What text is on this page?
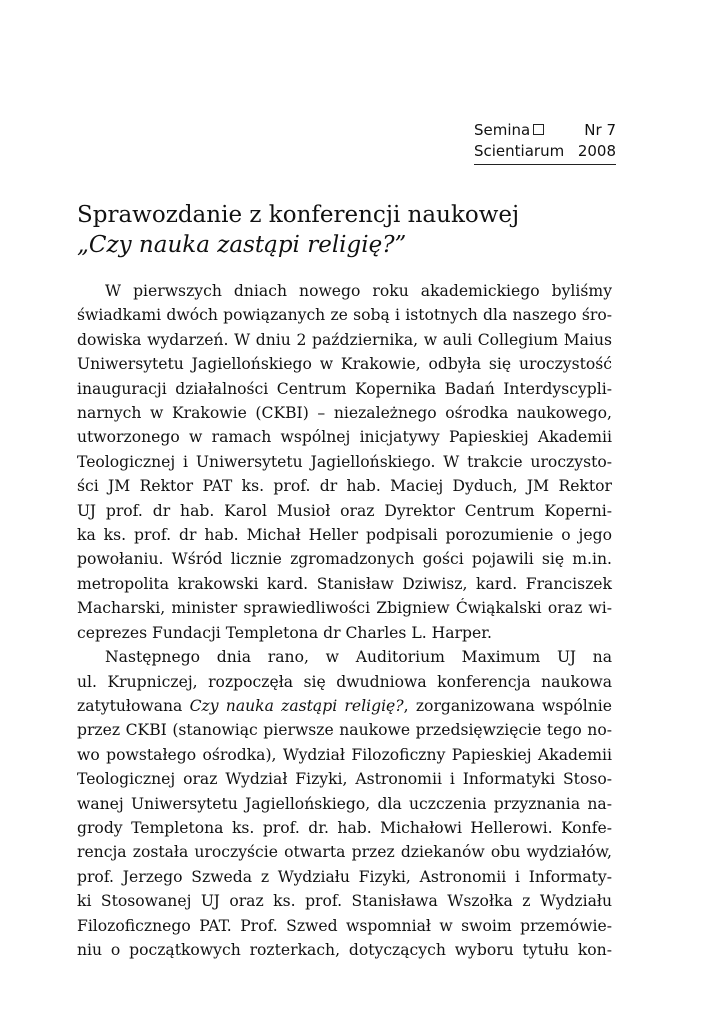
Semina	Nr 7
Scientiarum 2008
Sprawozdanie z konferencji naukowej
„Czy nauka zastąpi religię?”
W pierwszych dniach nowego roku akademickiego byliśmy
świadkami dwóch powiązanych ze sobą i istotnych dla naszego śro-
dowiska wydarzeń. W dniu 2 października, w auli Collegium Maius
Uniwersytetu Jagiellońskiego w Krakowie, odbyła się uroczystość
inauguracji działalności Centrum Kopernika Badań Interdyscypli-
narnych w Krakowie (CKBI) – niezależnego ośrodka naukowego,
utworzonego w ramach wspólnej inicjatywy Papieskiej Akademii
Teologicznej i Uniwersytetu Jagiellońskiego. W trakcie uroczysto-
ści JM Rektor PAT ks. prof. dr hab. Maciej Dyduch, JM Rektor
UJ prof. dr hab. Karol Musioł oraz Dyrektor Centrum Koperni-
ka ks. prof. dr hab. Michał Heller podpisali porozumienie o jego
powołaniu. Wśród licznie zgromadzonych gości pojawili się m.in.
metropolita krakowski kard. Stanisław Dziwisz, kard. Franciszek
Macharski, minister sprawiedliwości Zbigniew Ćwiąkalski oraz wi-
ceprezes Fundacji Templetona dr Charles L. Harper.
Następnego dnia rano, w Auditorium Maximum UJ na
ul. Krupniczej, rozpoczęła się dwudniowa konferencja naukowa
zatytułowana Czy nauka zastąpi religię?, zorganizowana wspólnie
przez CKBI (stanowiąc pierwsze naukowe przedsięwzięcie tego no-
wo powstałego ośrodka), Wydział Filozoficzny Papieskiej Akademii
Teologicznej oraz Wydział Fizyki, Astronomii i Informatyki Stoso-
wanej Uniwersytetu Jagiellońskiego, dla uczczenia przyznania na-
grody Templetona ks. prof. dr. hab. Michałowi Hellerowi. Konfe-
rencja została uroczyście otwarta przez dziekanów obu wydziałów,
prof. Jerzego Szweda z Wydziału Fizyki, Astronomii i Informaty-
ki Stosowanej UJ oraz ks. prof. Stanisława Wszołka z Wydziału
Filozoficznego PAT. Prof. Szwed wspomniał w swoim przemówie-
niu o początkowych rozterkach, dotyczących wyboru tytułu kon-
